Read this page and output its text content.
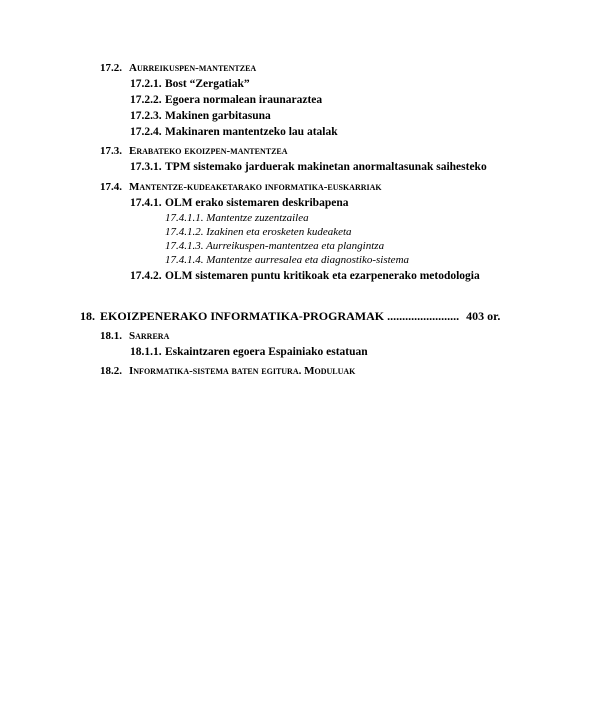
17.2. Aurreikuspen-mantentzea
17.2.1. Bost “Zergatiak”
17.2.2. Egoera normalean iraunaraztea
17.2.3. Makinen garbitasuna
17.2.4. Makinaren mantentzeko lau atalak
17.3. Erabateko ekoizpen-mantentzea
17.3.1. TPM sistemako jarduerak makinetan anormaltasunak saihesteko
17.4. Mantentze-kudeaketarako informatika-euskarriak
17.4.1. OLM erako sistemaren deskribapena
17.4.1.1. Mantentze zuzentzailea
17.4.1.2. Izakinen eta erosketen kudeaketa
17.4.1.3. Aurreikuspen-mantentzea eta plangintza
17.4.1.4. Mantentze aurresalea eta diagnostiko-sistema
17.4.2. OLM sistemaren puntu kritikoak eta ezarpenerako metodologia
18. EKOIZPENERAKO INFORMATIKA-PROGRAMAK ........................ 403 or.
18.1. Sarrera
18.1.1. Eskaintzaren egoera Espainiako estatuan
18.2. Informatika-sistema baten egitura. Moduluak
